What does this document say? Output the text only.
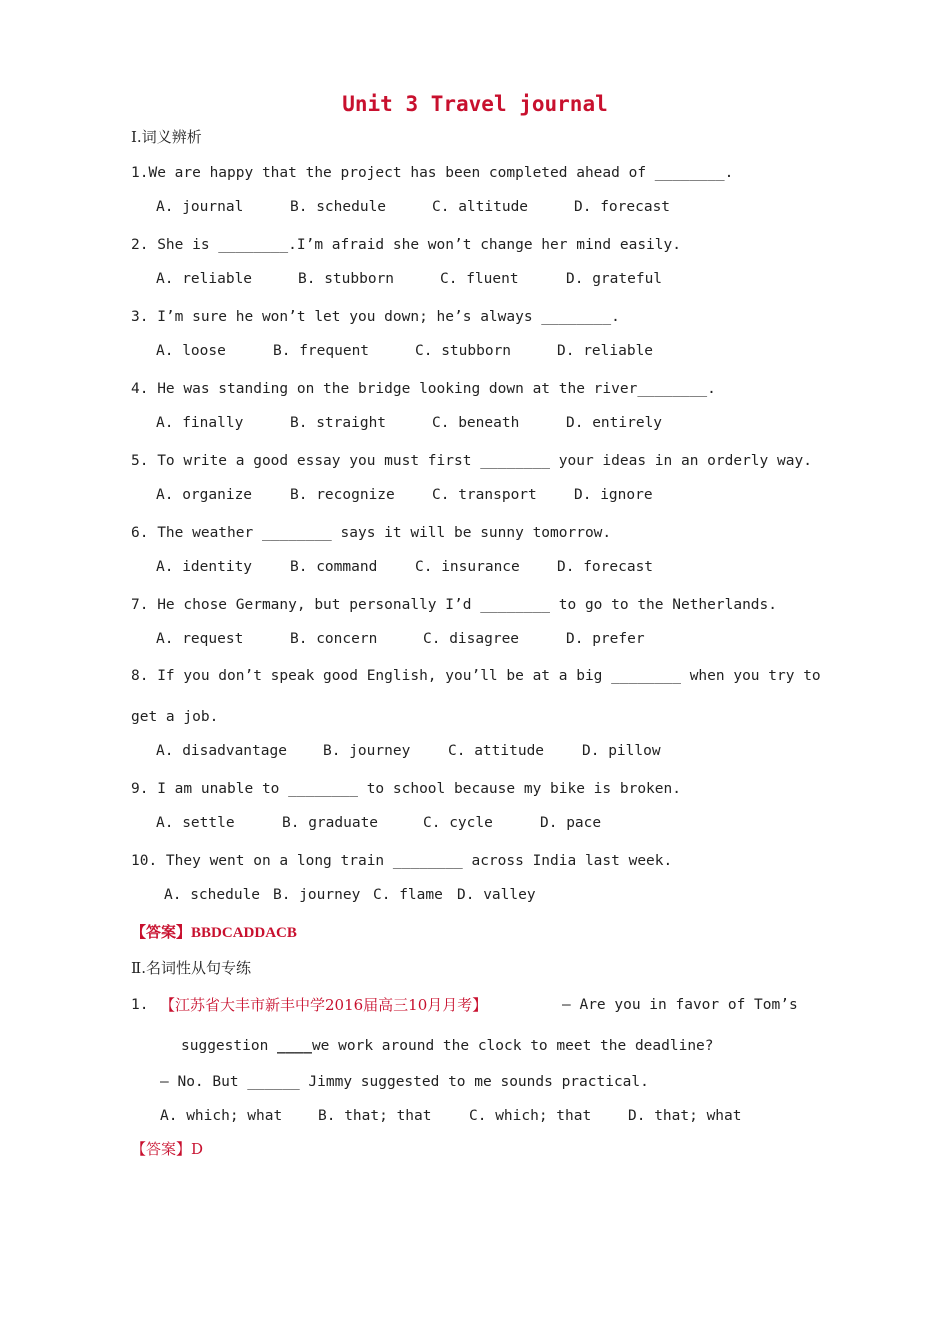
Unit 3 Travel journal
Ⅰ.词义辨析
1.We are happy that the project has been completed ahead of ________.
A. journal	B. schedule	C. altitude	D. forecast
2. She is ________.I’m afraid she won’t change her mind easily.
A. reliable	B. stubborn	C. fluent	D. grateful
3. I’m sure he won’t let you down; he’s always ________.
A. loose	B. frequent	C. stubborn	D. reliable
4. He was standing on the bridge looking down at the river________.
A. finally	B. straight	C. beneath	D. entirely
5. To write a good essay you must first ________ your ideas in an orderly way.
A. organize	B. recognize	C. transport	D. ignore
6. The weather ________ says it will be sunny tomorrow.
A. identity	B. command	C. insurance	D. forecast
7. He chose Germany, but personally I’d ________ to go to the Netherlands.
A. request	B. concern	C. disagree	D. prefer
8. If you don’t speak good English, you’ll be at a big ________ when you try to
get a job.
A. disadvantage B. journey	C. attitude	D. pillow
9. I am unable to ________ to school because my bike is broken.
A. settle	B. graduate	C. cycle	D. pace
10. They went on a long train ________ across India last week.
A. schedule B. journey C. flame D. valley
【答案】BBDCADDACB
Ⅱ.名词性从句专练
1. 【江苏省大丰市新丰中学2016届高三10月月考】	— Are you in favor of Tom’s
suggestion ____we work around the clock to meet the deadline?
— No. But ______ Jimmy suggested to me sounds practical.
A. which; what B. that; that	C. which; that	D. that; what
【答案】D
